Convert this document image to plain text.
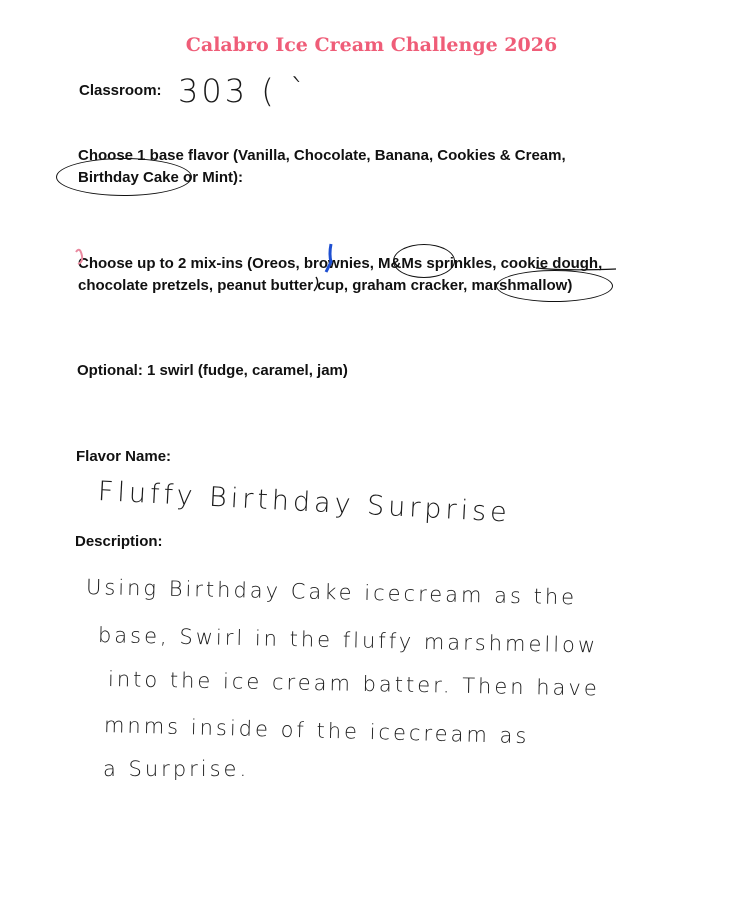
Calabro Ice Cream Challenge 2026
Classroom: 303 ( `
Choose 1 base flavor (Vanilla, Chocolate, Banana, Cookies & Cream,
Birthday Cake or Mint):
Choose up to 2 mix-ins (Oreos, brownies, M&Ms sprinkles, cookie dough,
chocolate pretzels, peanut butter cup, graham cracker, marshmallow)
Optional: 1 swirl (fudge, caramel, jam)
Flavor Name:
Fluffy Birthday Surprise
Description:
Using Birthday Cake icecream as the
base, Swirl in the fluffy marshmellow
into the ice cream batter. Then have
mnms inside of the icecream as
a Surprise.
